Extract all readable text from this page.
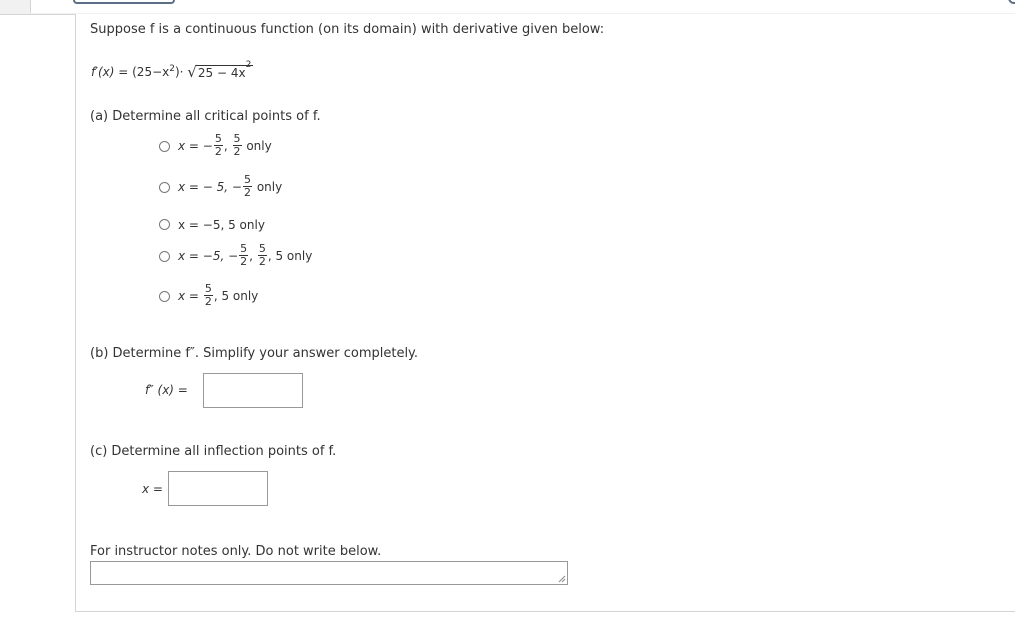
Suppose f is a continuous function (on its domain) with derivative given below:
f′(x) =
($25-x^2$ )·
$√25 - 4x^2$
(a) Determine all critical points of f.
x = − $\frac{5}{2}$ ,
$\frac{5}{2}$
only
x = − 5, − $\frac{5}{2}$
only
x = −5, 5 only
x = −5, − $\frac{5}{2}$ ,
$\frac{5}{2}$ , 5 only
x =
$\frac{5}{2}$ , 5 only
(b) Determine f″. Simplify your answer completely.
f″ (x) =
(c) Determine all inflection points of f.
x =
For instructor notes only. Do not write below.
